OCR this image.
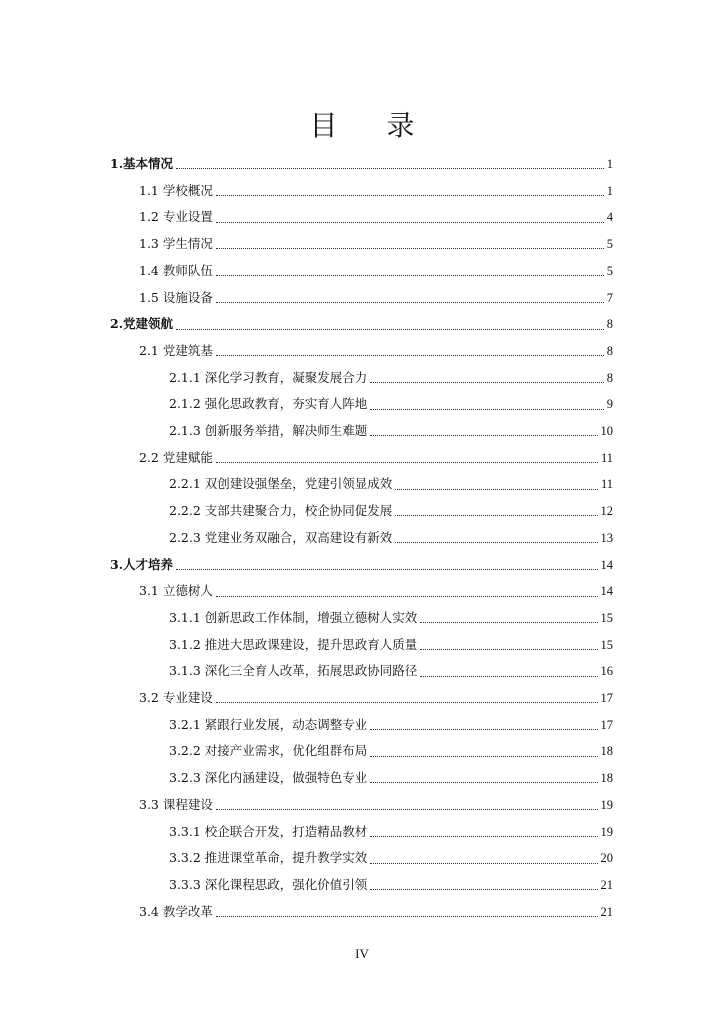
目 录
1.基本情况	1
1.1 学校概况	1
1.2 专业设置	4
1.3 学生情况	5
1.4 教师队伍	5
1.5 设施设备	7
2.党建领航	8
2.1 党建筑基	8
2.1.1 深化学习教育，凝聚发展合力	8
2.1.2 强化思政教育，夯实育人阵地	9
2.1.3 创新服务举措，解决师生难题	10
2.2 党建赋能	11
2.2.1 双创建设强堡垒，党建引领显成效	11
2.2.2 支部共建聚合力，校企协同促发展	12
2.2.3 党建业务双融合，双高建设有新效	13
3.人才培养	14
3.1 立德树人	14
3.1.1 创新思政工作体制，增强立德树人实效	15
3.1.2 推进大思政课建设，提升思政育人质量	15
3.1.3 深化三全育人改革，拓展思政协同路径	16
3.2 专业建设	17
3.2.1 紧跟行业发展，动态调整专业	17
3.2.2 对接产业需求，优化组群布局	18
3.2.3 深化内涵建设，做强特色专业	18
3.3 课程建设	19
3.3.1 校企联合开发，打造精品教材	19
3.3.2 推进课堂革命，提升教学实效	20
3.3.3 深化课程思政，强化价值引领	21
3.4 教学改革	21
IV
